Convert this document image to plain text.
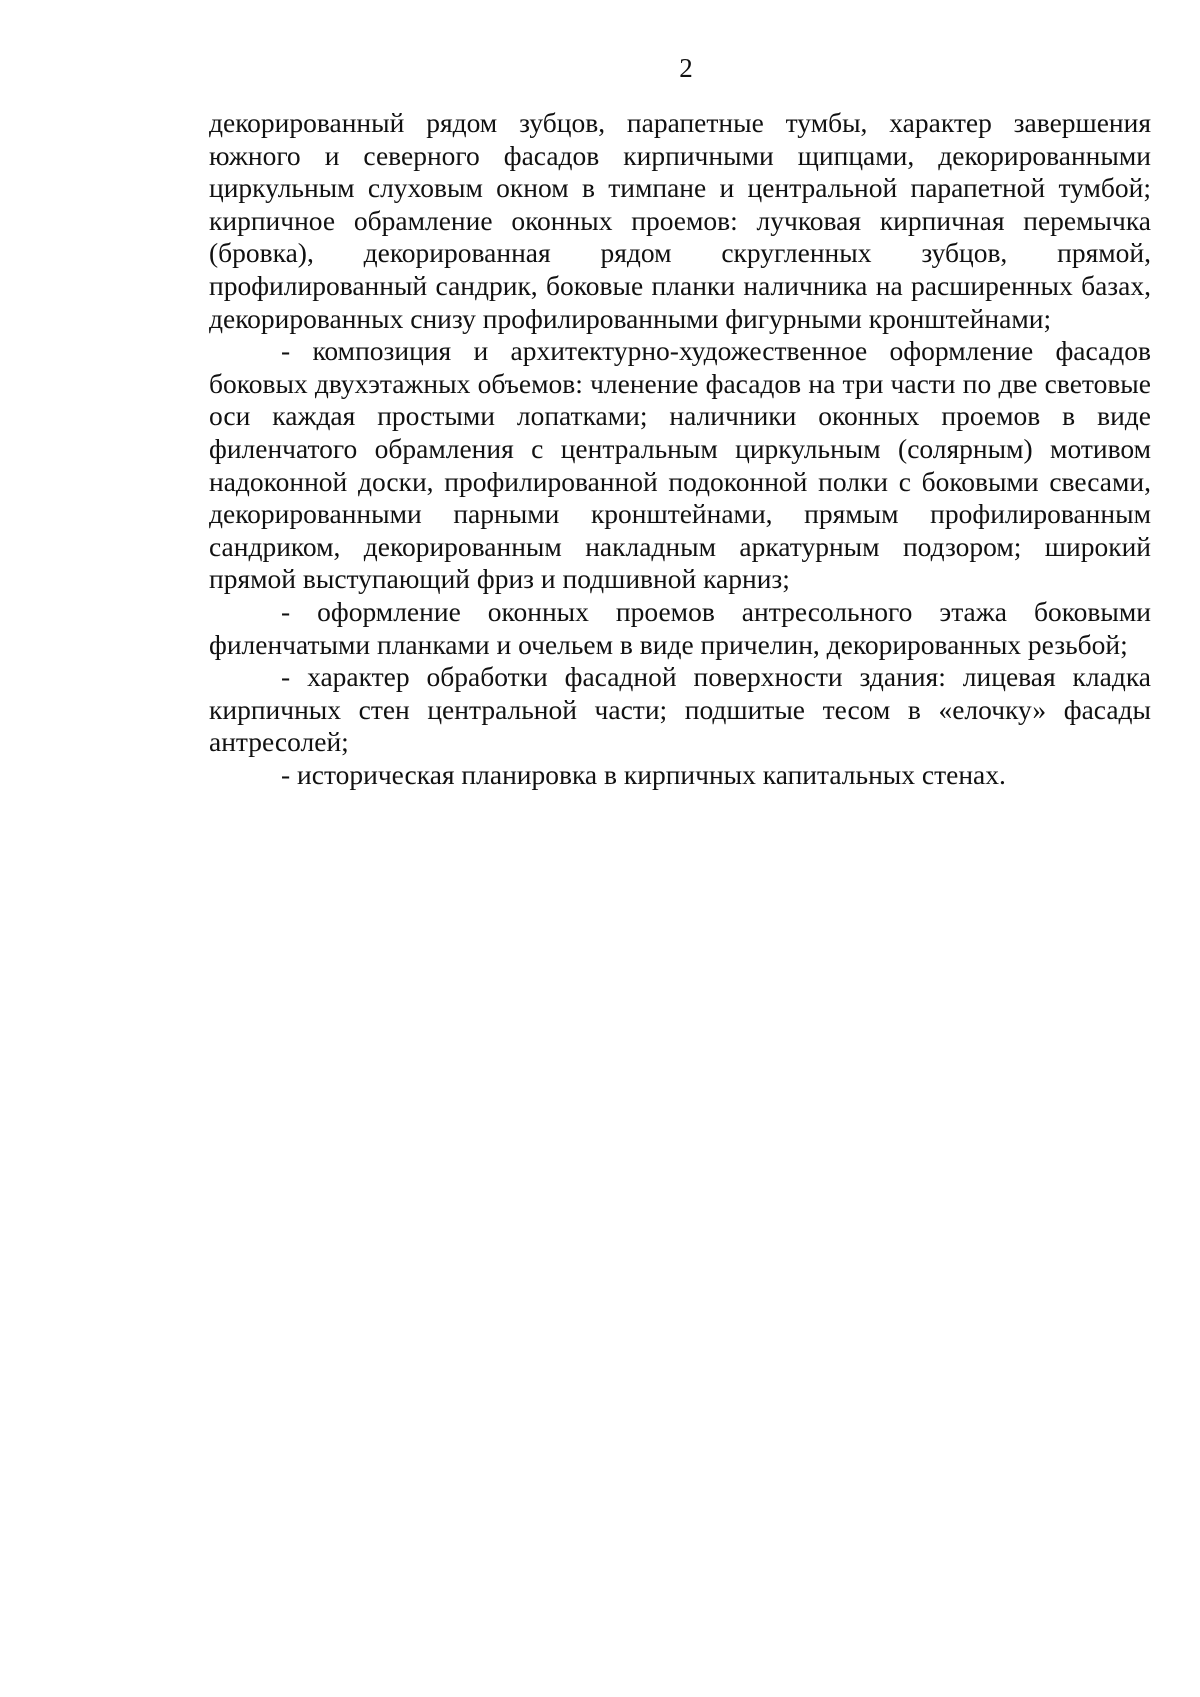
2

декорированный рядом зубцов, парапетные тумбы, характер завершения южного и северного фасадов кирпичными щипцами, декорированными циркульным слуховым окном в тимпане и центральной парапетной тумбой; кирпичное обрамление оконных проемов: лучковая кирпичная перемычка (бровка), декорированная рядом скругленных зубцов, прямой, профилированный сандрик, боковые планки наличника на расширенных базах, декорированных снизу профилированными фигурными кронштейнами;

- композиция и архитектурно-художественное оформление фасадов боковых двухэтажных объемов: членение фасадов на три части по две световые оси каждая простыми лопатками; наличники оконных проемов в виде филенчатого обрамления с центральным циркульным (солярным) мотивом надоконной доски, профилированной подоконной полки с боковыми свесами, декорированными парными кронштейнами, прямым профилированным сандриком, декорированным накладным аркатурным подзором; широкий прямой выступающий фриз и подшивной карниз;

- оформление оконных проемов антресольного этажа боковыми филенчатыми планками и очельем в виде причелин, декорированных резьбой;

- характер обработки фасадной поверхности здания: лицевая кладка кирпичных стен центральной части; подшитые тесом в «елочку» фасады антресолей;

- историческая планировка в кирпичных капитальных стенах.
